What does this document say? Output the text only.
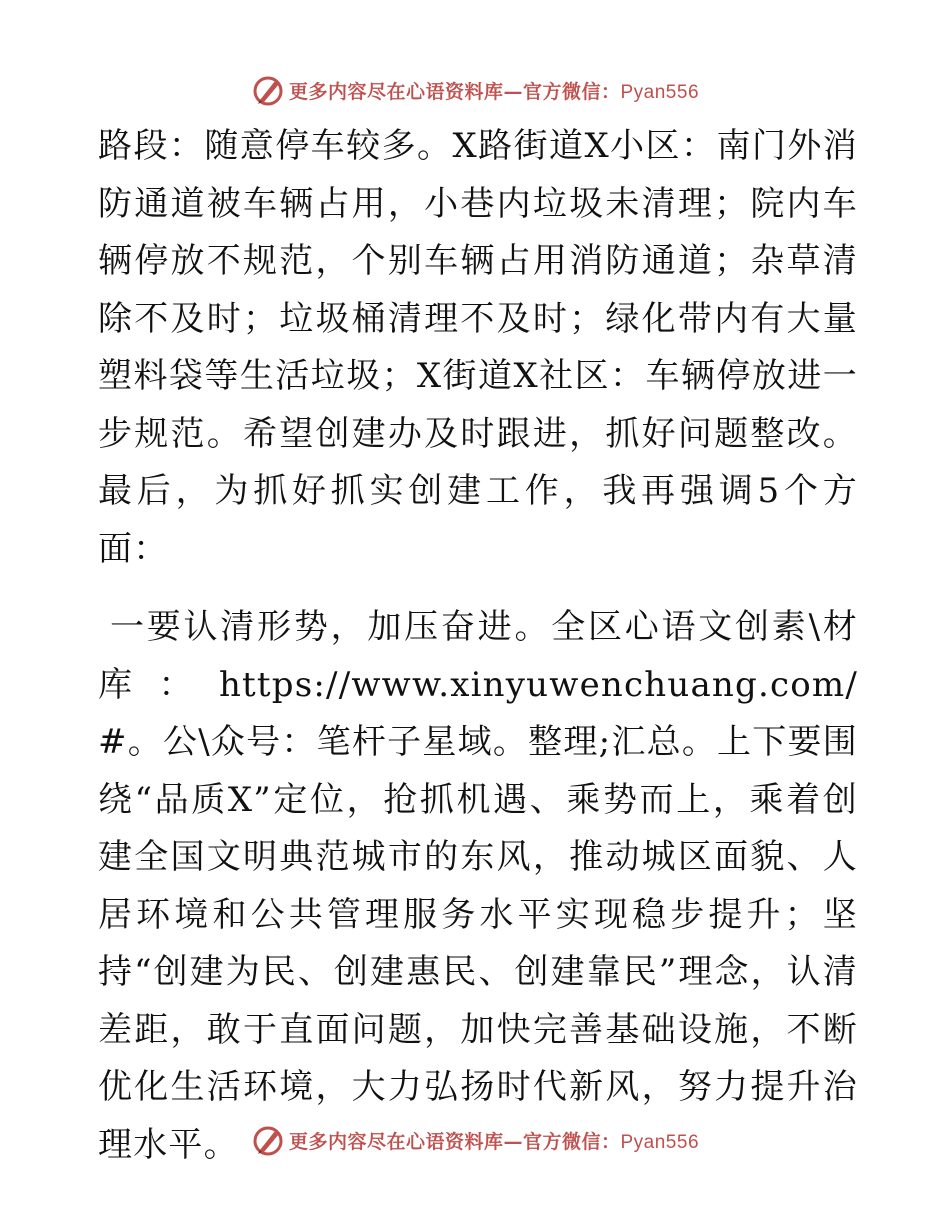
更多内容尽在心语资料库—官方微信：Pyan556

路段：随意停车较多。X路街道X小区：南门外消防通道被车辆占用，小巷内垃圾未清理；院内车辆停放不规范，个别车辆占用消防通道；杂草清除不及时；垃圾桶清理不及时；绿化带内有大量塑料袋等生活垃圾；X街道X社区：车辆停放进一步规范。希望创建办及时跟进，抓好问题整改。最后，为抓好抓实创建工作，我再强调5个方面：

一要认清形势，加压奋进。全区心语文创素\材库：https://www.xinyuwenchuang.com/#。公\众号：笔杆子星域。整理;汇总。上下要围绕“品质X”定位，抢抓机遇、乘势而上，乘着创建全国文明典范城市的东风，推动城区面貌、人居环境和公共管理服务水平实现稳步提升；坚持“创建为民、创建惠民、创建靠民”理念，认清差距，敢于直面问题，加快完善基础设施，不断优化生活环境，大力弘扬时代新风，努力提升治理水平。	更多内容尽在心语资料库—官方微信：Pyan556
